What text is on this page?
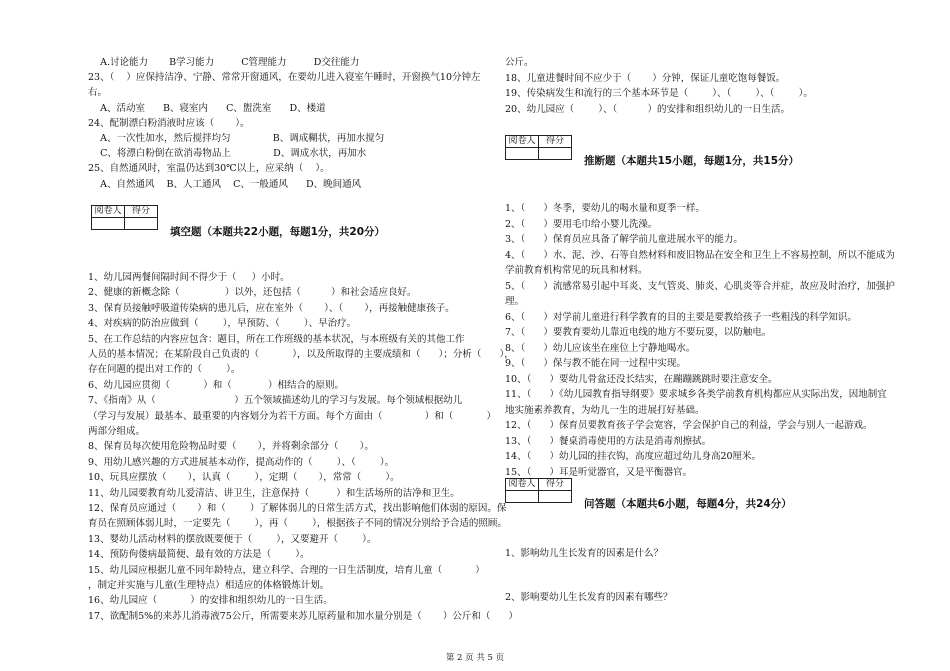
A.讨论能力       B学习能力         C管理能力         D交往能力
23、（    ）应保持洁净、宁静、常常开窗通风，在要幼儿进入寝室午睡时，开窗换气10分钟左
右。
A、活动室      B、寝室内      C、盥洗室      D、楼道
24、配制漂白粉消液时应该（       ）。
A、一次性加水，然后搅拌均匀              B、调成糊状，再加水搅匀
C、将漂白粉倒在欲消毒物品上              D、调成水状，再加水
25、自然通风时，室温仍达到30℃以上，应采纳（    ）。
A、自然通风    B、人工通风    C、一般通风      D、晚间通风
阅卷人	得分

填空题（本题共22小题，每题1分，共20分）
1、幼儿园两餐间隔时间不得少于（     ）小时。
2、健康的新概念除（               ）以外，还包括（          ）和社会适应良好。
3、保育员接触呼吸道传染病的患儿后，应在室外（       ）、（       ），再接触健康孩子。
4、对疾病的防治应做到（        ），早预防、（        ）、早治疗。
5、在工作总结的内容应包含：题目，所在工作班级的基本状况，与本班级有关的其他工作
人员的基本情况；在某阶段自己负责的（           ），以及所取得的主要成绩和（      ）；分析（      ），
存在问题的提出对工作的（        ）。
6、幼儿园应贯彻（           ）和（            ）相结合的原则。
7、《指南》从（                          ）五个领域描述幼儿的学习与发展。每个领域根据幼儿
（学习与发展）最基本、最重要的内容划分为若干方面。每个方面由（              ）和（           ）
两部分组成。
8、保育员每次使用危险物品时要（       ），并将剩余部分（       ）。
9、用幼儿感兴趣的方式进展基本动作，提高动作的（        ）、（        ）。
10、玩具应摆放（       ），认真（        ），定期（       ），常常（        ）。
11、幼儿园要教育幼儿爱清洁、讲卫生，注意保持（         ）和生活场所的洁净和卫生。
12、保育员应通过（       ）和（        ）了解体弱儿的日常生活方式，找出影响他们体弱的原因。保
育员在照顾体弱儿时，一定要先（        ），再（        ），根据孩子不同的情况分别给予合适的照顾。
13、婴幼儿活动材料的摆放既要便于（        ），又要避开（        ）。
14、预防佝偻病最简便、最有效的方法是（        ）。
15、幼儿园应根据儿童不同年龄特点，建立科学、合理的一日生活制度，培育儿童（           ）
，制定并实施与儿童(生理特点）相适应的体格锻炼计划。
16、幼儿园应（           ）的安排和组织幼儿的一日生活。
17、欲配制5%的来苏儿消毒液75公斤，所需要来苏儿原药量和加水量分别是（       ）公斤和（      ）
公斤。
18、儿童进餐时间不应少于（       ）分钟，保证儿童吃饱每餐饭。
19、传染病发生和流行的三个基本环节是（        ）、（        ）、（        ）。
20、幼儿园应（        ）、（          ）的安排和组织幼儿的一日生活。
阅卷人	得分

推断题（本题共15小题，每题1分，共15分）
1、（      ）冬季，要幼儿的喝水量和夏季一样。
2、（      ）要用毛巾给小婴儿洗澡。
3、（      ）保育员应具备了解学前儿童进展水平的能力。
4、（      ）水、泥、沙、石等自然材料和废旧物品在安全和卫生上不容易控制，所以不能成为
学前教育机构常见的玩具和材料。
5、（      ）流感常易引起中耳炎、支气管炎、肺炎、心肌炎等合并症，故应及时治疗，加强护
理。
6、（      ）对学前儿童进行科学教育的目的主要是要教给孩子一些粗浅的科学知识。
7、（      ）要教育要幼儿靠近电线的地方不要玩耍，以防触电。
8、（      ）幼儿应该坐在座位上宁静地喝水。
9、（      ）保与教不能在同一过程中实现。
10、（      ）要幼儿骨盆还没长结实，在蹦蹦跳跳时要注意安全。
11、（      ）《幼儿园教育指导纲要》要求城乡各类学前教育机构都应从实际出发，因地制宜
地实施素养教育，为幼儿一生的进展打好基础。
12、（      ）保育员要教育孩子学会宽容，学会保护自己的利益，学会与别人一起游戏。
13、（      ）餐桌消毒使用的方法是消毒剂擦拭。
14、（      ）幼儿园的挂衣钩，高度应超过幼儿身高20厘米。
15、（      ）耳是听觉器官，又是平衡器官。
阅卷人	得分

问答题（本题共6小题，每题4分，共24分）
1、影响幼儿生长发育的因素是什么？
2、影响要幼儿生长发育的因素有哪些？
第 2 页 共 5 页
